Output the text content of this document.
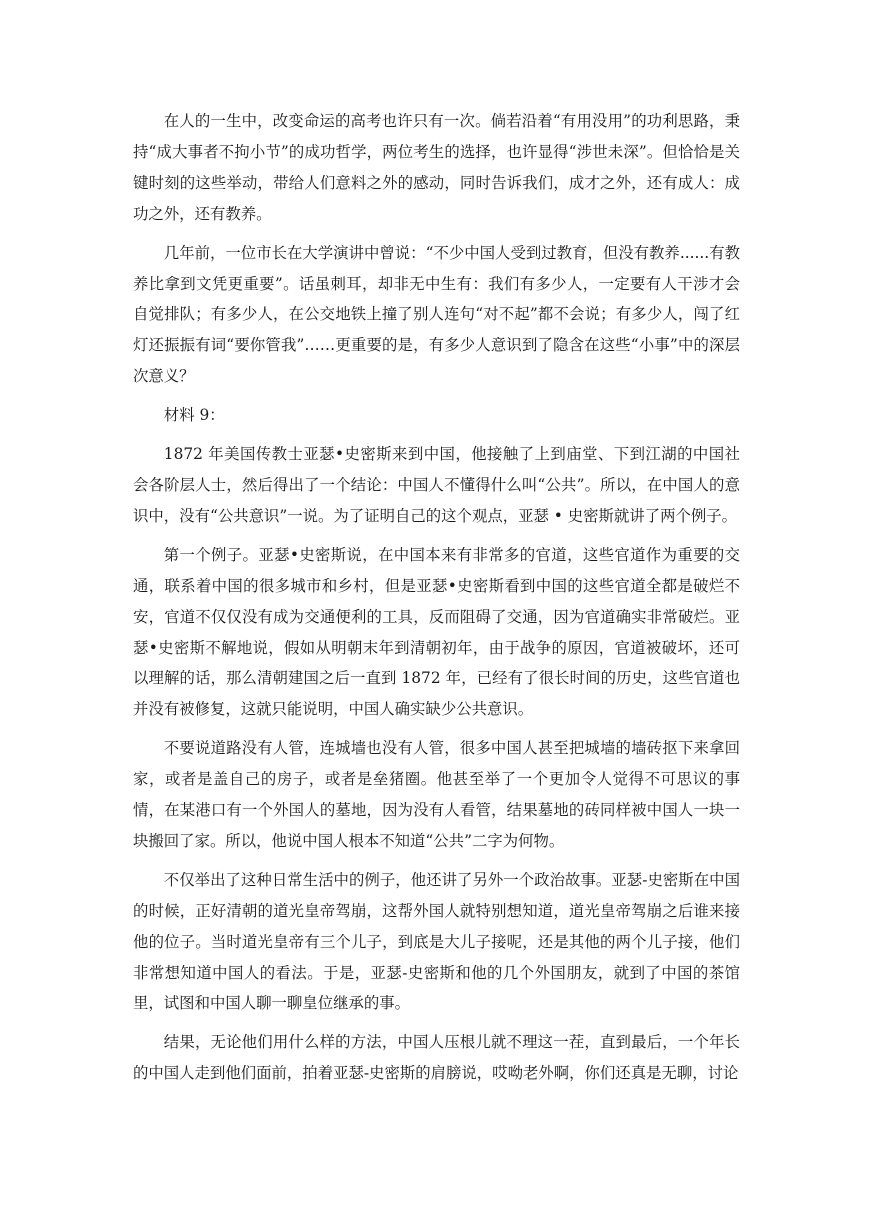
在人的一生中，改变命运的高考也许只有一次。倘若沿着“有用没用”的功利思路，秉持“成大事者不拘小节”的成功哲学，两位考生的选择，也许显得“涉世未深”。但恰恰是关键时刻的这些举动，带给人们意料之外的感动，同时告诉我们，成才之外，还有成人：成功之外，还有教养。

几年前，一位市长在大学演讲中曾说：“不少中国人受到过教育，但没有教养......有教养比拿到文凭更重要”。话虽刺耳，却非无中生有：我们有多少人，一定要有人干涉才会自觉排队；有多少人，在公交地铁上撞了别人连句“对不起”都不会说；有多少人，闯了红灯还振振有词“要你管我”……更重要的是，有多少人意识到了隐含在这些“小事”中的深层次意义？

材料 9：

1872 年美国传教士亚瑟•史密斯来到中国，他接触了上到庙堂、下到江湖的中国社会各阶层人士，然后得出了一个结论：中国人不懂得什么叫“公共”。所以，在中国人的意识中，没有“公共意识”一说。为了证明自己的这个观点，亚瑟 • 史密斯就讲了两个例子。

第一个例子。亚瑟•史密斯说，在中国本来有非常多的官道，这些官道作为重要的交通，联系着中国的很多城市和乡村，但是亚瑟•史密斯看到中国的这些官道全都是破烂不安，官道不仅仅没有成为交通便利的工具，反而阻碍了交通，因为官道确实非常破烂。亚瑟•史密斯不解地说，假如从明朝末年到清朝初年，由于战争的原因，官道被破坏，还可以理解的话，那么清朝建国之后一直到 1872 年，已经有了很长时间的历史，这些官道也并没有被修复，这就只能说明，中国人确实缺少公共意识。

不要说道路没有人管，连城墙也没有人管，很多中国人甚至把城墙的墙砖抠下来拿回家，或者是盖自己的房子，或者是垒猪圈。他甚至举了一个更加令人觉得不可思议的事情，在某港口有一个外国人的墓地，因为没有人看管，结果墓地的砖同样被中国人一块一块搬回了家。所以，他说中国人根本不知道“公共”二字为何物。

不仅举出了这种日常生活中的例子，他还讲了另外一个政治故事。亚瑟-史密斯在中国的时候，正好清朝的道光皇帝驾崩，这帮外国人就特别想知道，道光皇帝驾崩之后谁来接他的位子。当时道光皇帝有三个儿子，到底是大儿子接呢，还是其他的两个儿子接，他们非常想知道中国人的看法。于是，亚瑟-史密斯和他的几个外国朋友，就到了中国的茶馆里，试图和中国人聊一聊皇位继承的事。

结果，无论他们用什么样的方法，中国人压根儿就不理这一茬，直到最后，一个年长的中国人走到他们面前，拍着亚瑟-史密斯的肩膀说，哎呦老外啊，你们还真是无聊，讨论
